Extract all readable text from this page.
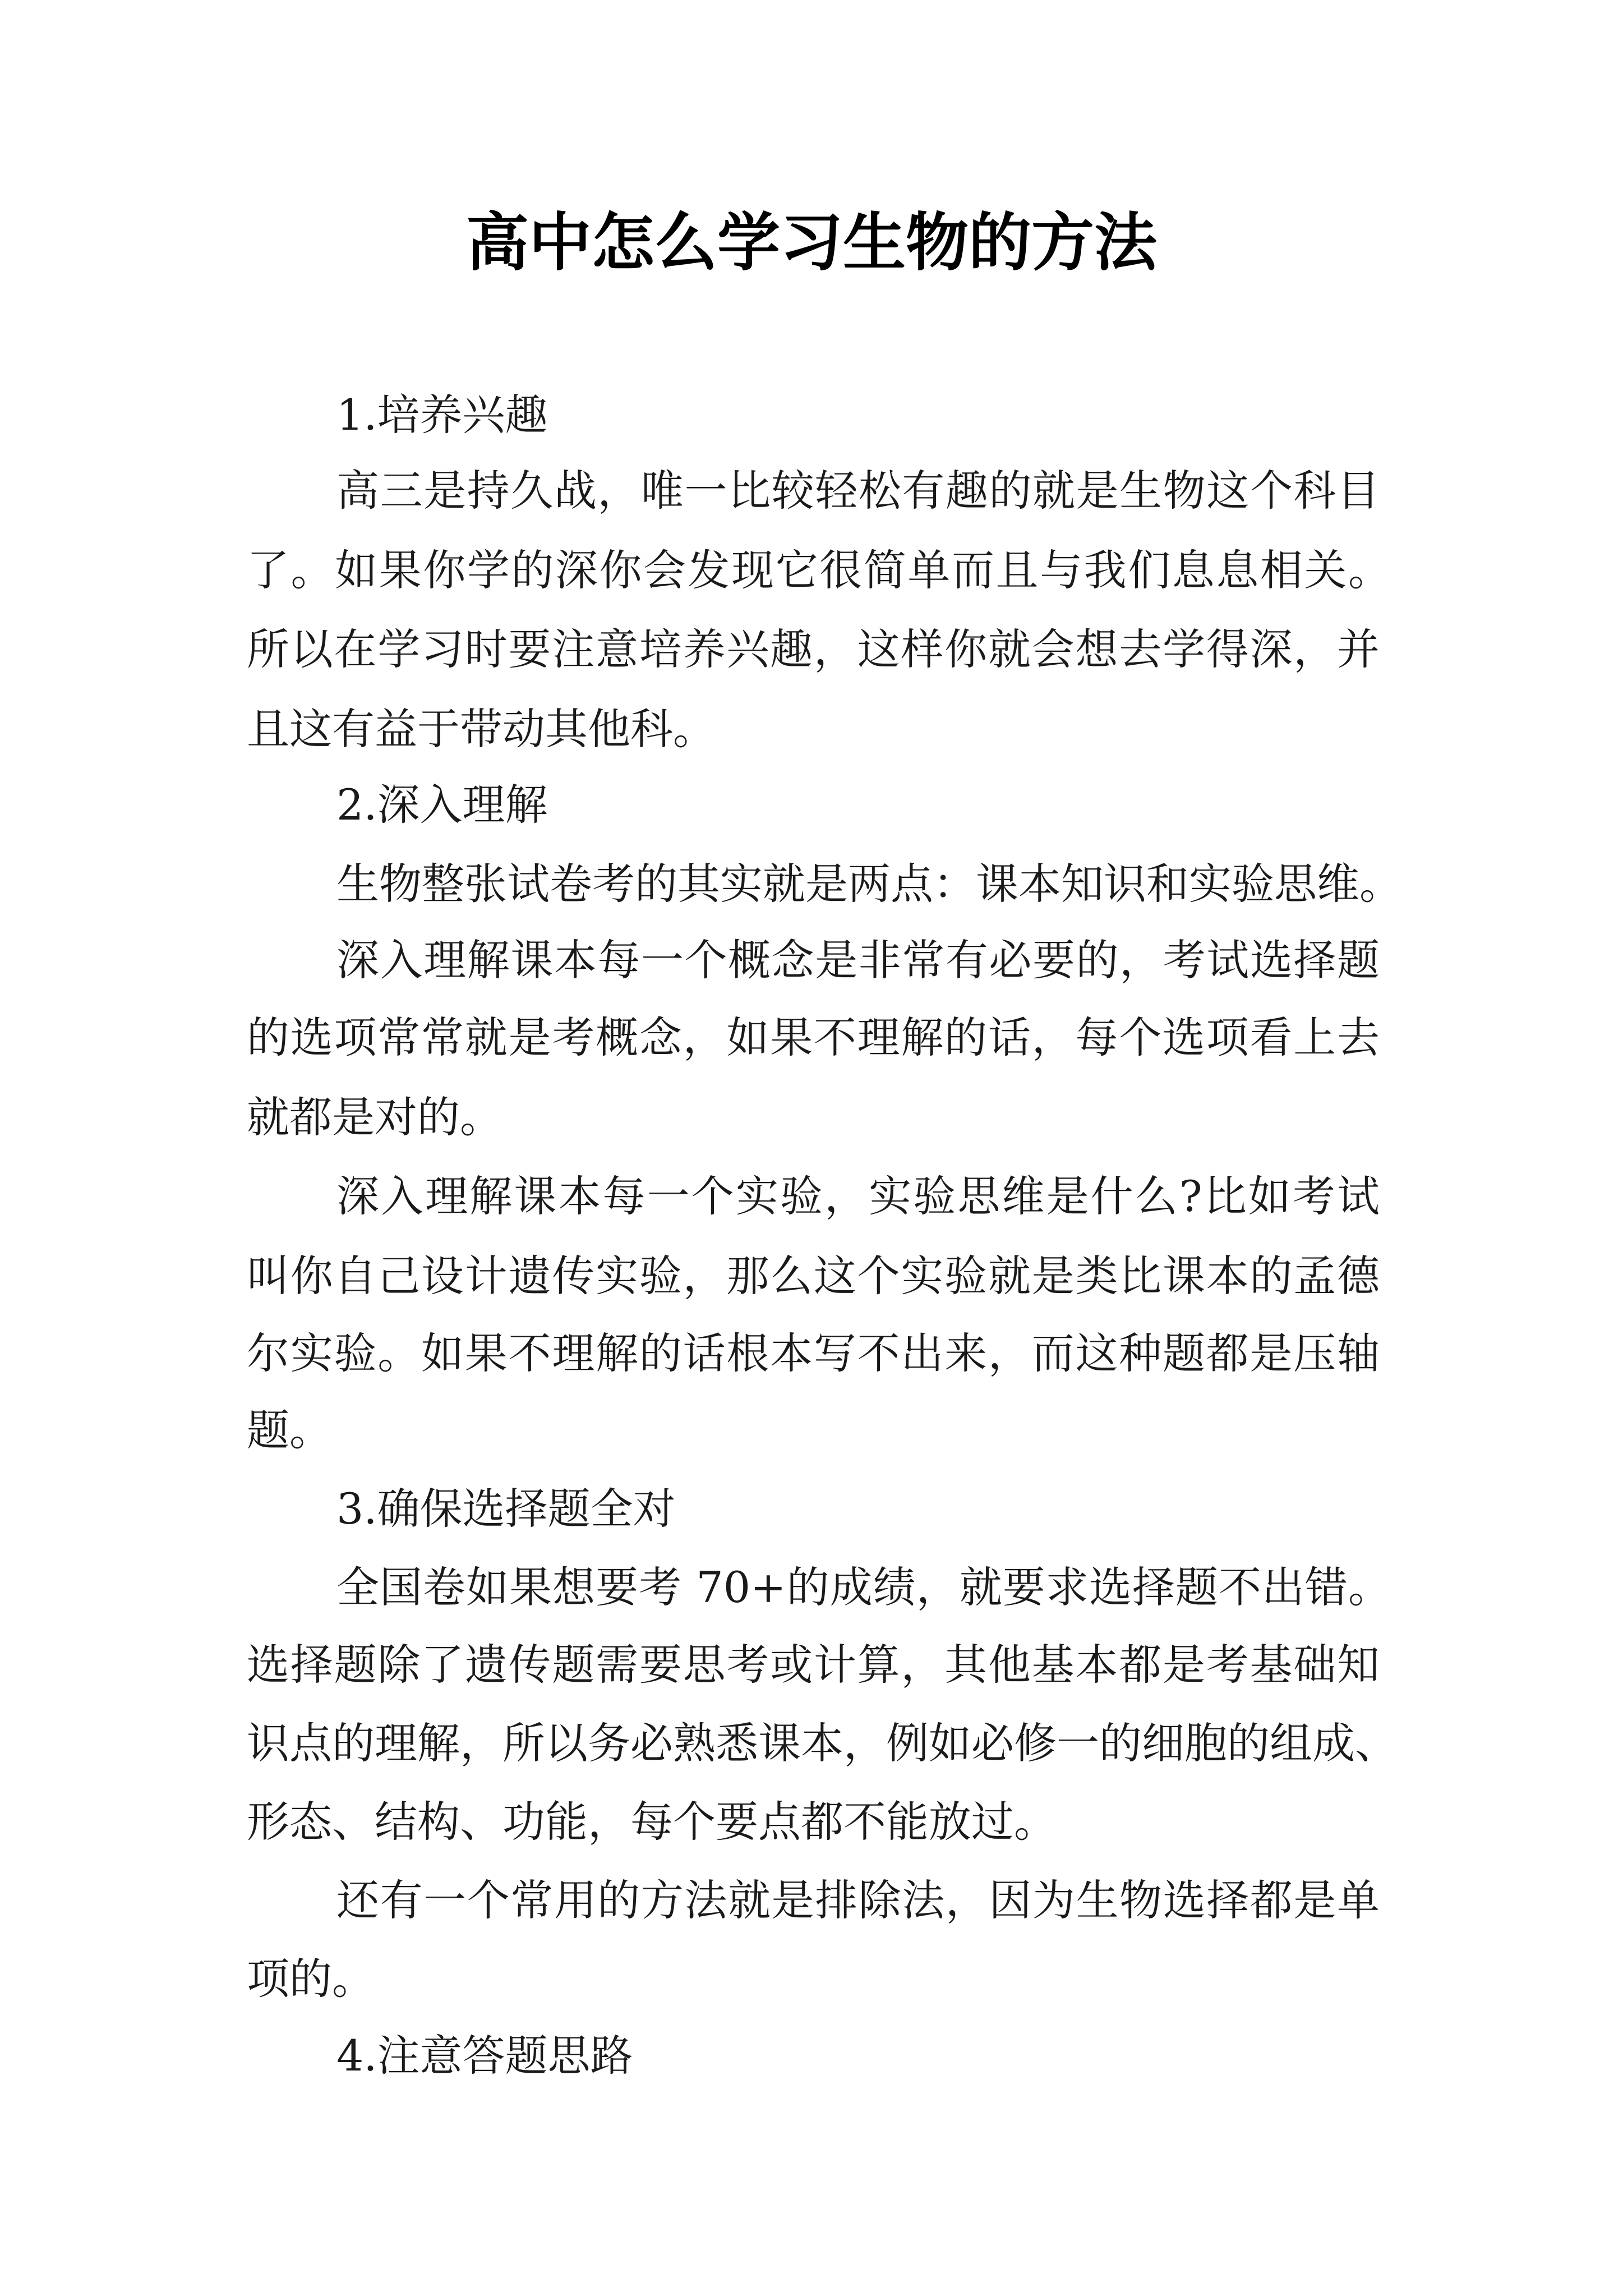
高中怎么学习生物的方法
1.培养兴趣
高三是持久战，唯一比较轻松有趣的就是生物这个科目
了。如果你学的深你会发现它很简单而且与我们息息相关。
所以在学习时要注意培养兴趣，这样你就会想去学得深，并
且这有益于带动其他科。
2.深入理解
生物整张试卷考的其实就是两点：课本知识和实验思维。
深入理解课本每一个概念是非常有必要的，考试选择题
的选项常常就是考概念，如果不理解的话，每个选项看上去
就都是对的。
深入理解课本每一个实验，实验思维是什么?比如考试
叫你自己设计遗传实验，那么这个实验就是类比课本的孟德
尔实验。如果不理解的话根本写不出来，而这种题都是压轴
题。
3.确保选择题全对
全国卷如果想要考 70+的成绩，就要求选择题不出错。
选择题除了遗传题需要思考或计算，其他基本都是考基础知
识点的理解，所以务必熟悉课本，例如必修一的细胞的组成、
形态、结构、功能，每个要点都不能放过。
还有一个常用的方法就是排除法，因为生物选择都是单
项的。
4.注意答题思路
